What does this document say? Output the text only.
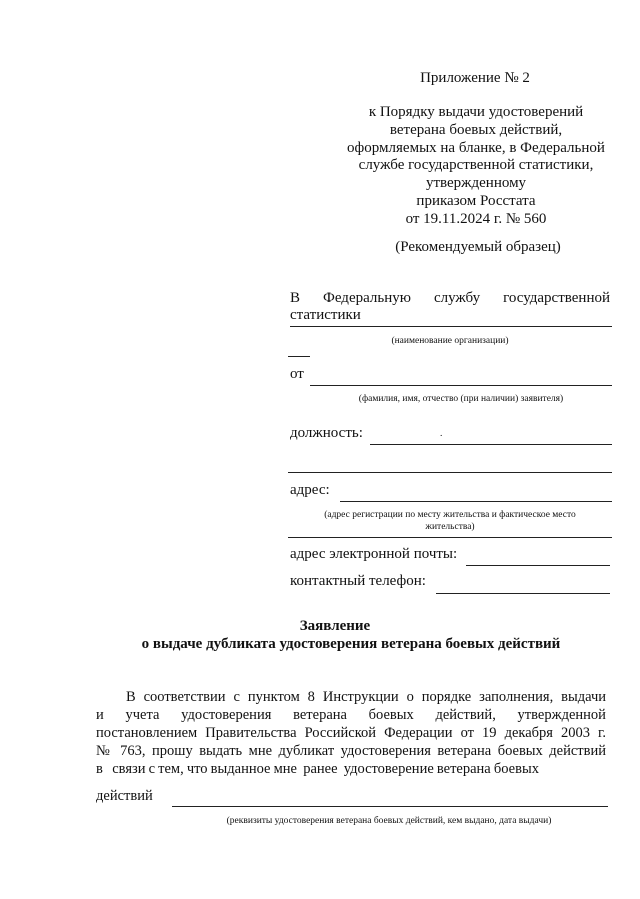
Приложение № 2
к Порядку выдачи удостоверений
ветерана боевых действий,
оформляемых на бланке, в Федеральной
службе государственной статистики,
утвержденному
приказом Росстата
от 19.11.2024 г. № 560
(Рекомендуемый образец)
В Федеральную службу государственной
статистики
(наименование организации)
от
(фамилия, имя, отчество (при наличии) заявителя)
должность:	.
адрес:
(адрес регистрации по месту жительства и фактическое место
жительства)
адрес электронной почты:
контактный телефон:
Заявление
о выдаче дубликата удостоверения ветерана боевых действий
В соответствии с пунктом 8 Инструкции о порядке заполнения, выдачи
и учета удостоверения ветерана боевых действий, утвержденной
постановлением Правительства Российской Федерации от 19 декабря 2003 г.
№ 763, прошу выдать мне дубликат удостоверения ветерана боевых действий
в   связи с тем, что выданное мне  ранее  удостоверение ветерана боевых
действий
(реквизиты удостоверения ветерана боевых действий, кем выдано, дата выдачи)
